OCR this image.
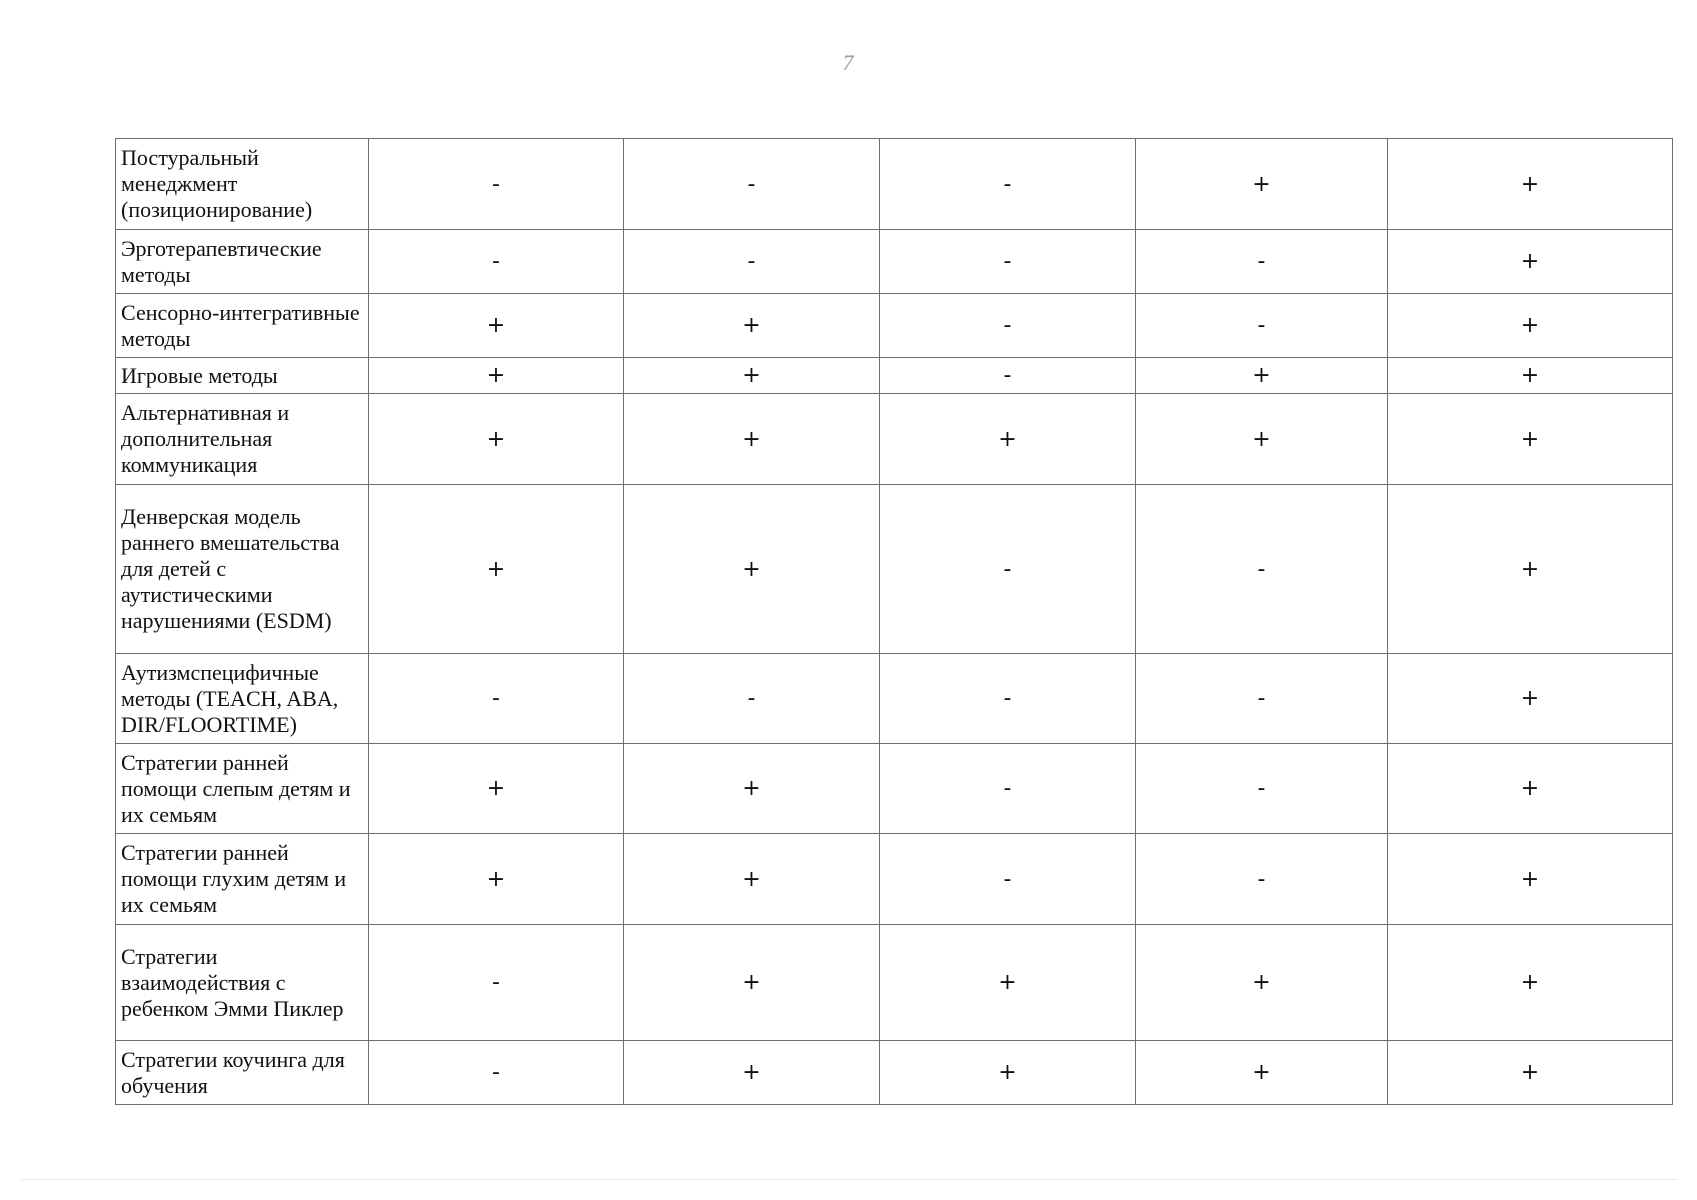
7
Постуральный менеджмент (позиционирование)	-	-	-	+	+
Эрготерапевтические методы	-	-	-	-	+
Сенсорно-интегративные методы	+	+	-	-	+
Игровые методы	+	+	-	+	+
Альтернативная и дополнительная коммуникация	+	+	+	+	+
Денверская модель раннего вмешательства для детей с аутистическими нарушениями (ESDM)	+	+	-	-	+
Аутизмспецифичные методы (TEACH, ABA, DIR/FLOORTIME)	-	-	-	-	+
Стратегии ранней помощи слепым детям и их семьям	+	+	-	-	+
Стратегии ранней помощи глухим детям и их семьям	+	+	-	-	+
Стратегии взаимодействия с ребенком Эмми Пиклер	-	+	+	+	+
Стратегии коучинга для обучения	-	+	+	+	+
